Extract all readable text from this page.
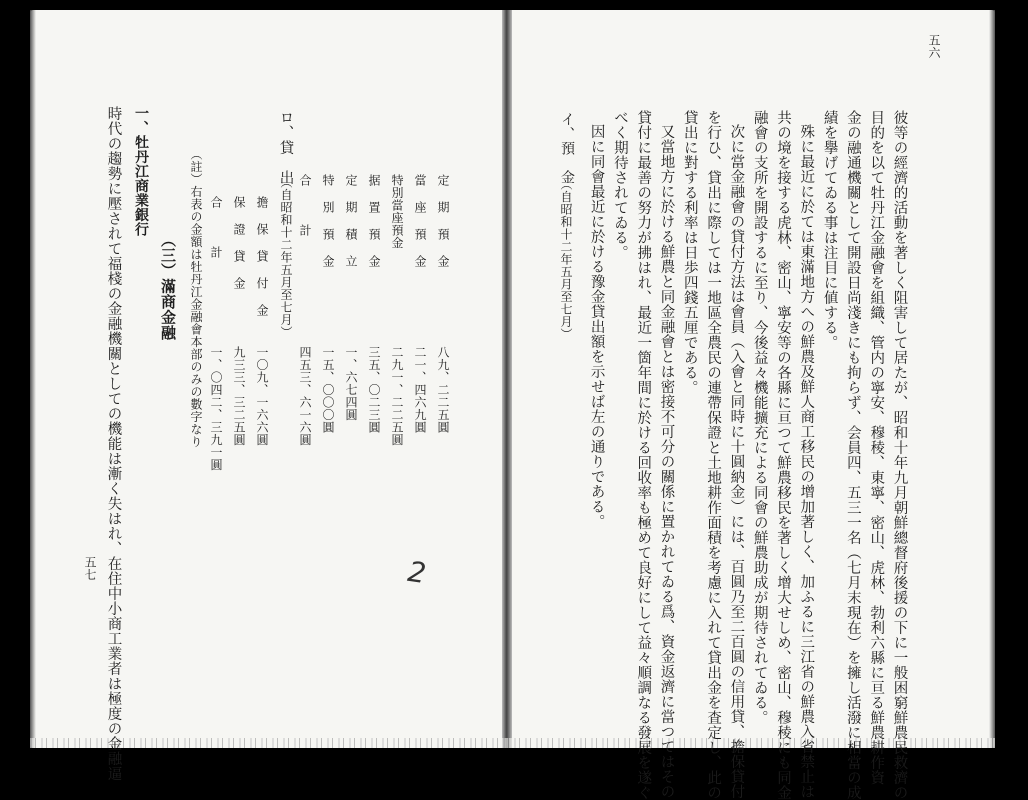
五六
彼等の經濟的活動を著しく阻害して居たが、昭和十年九月朝鮮總督府後援の下に一般困窮鮮農民救濟の
目的を以て牡丹江金融會を組織、管内の寧安、穆稜、東寧、密山、虎林、勃利六縣に亘る鮮農耕作資
金の融通機關として開設日尚淺きにも拘らず、会員四、五三一名（七月末現在）を擁し活潑に相當の成
績を擧げてゐる事は注目に値する。
殊に最近に於ては東滿地方への鮮農及鮮人商工移民の增加著しく、加ふるに三江省の鮮農入省禁止は
共の境を接する虎林、密山、寧安等の各縣に亘つて鮮農移民を著しく增大せしめ、密山、穆稜にも同金
融會の支所を開設するに至り、今後益々機能擴充による同會の鮮農助成が期待されてゐる。
次に當金融會の貸付方法は會員（入會と同時に十圓納金）には、百圓乃至二百圓の信用貸、擔保貸付
を行ひ、貸出に際しては一地區全農民の連帶保證と土地耕作面積を考慮に入れて貸出金を査定し、此の
貸出に對する利率は日歩四錢五厘である。
又當地方に於ける鮮農と同金融會とは密接不可分の關係に置かれてゐる爲、資金返濟に當つてはその
貸付に最善の努力が拂はれ、最近一箇年間に於ける回收率も極めて良好にして益々順調なる發展を遂ぐ
べく期待されてゐる。
因に同會最近に於ける豫金貸出額を示せば左の通りである。
イ、預　金
（自昭和十二年五月至七月）
定 期 預 金
八九、二二五圓
當 座 預 金
二一、四六九圓
特別當座預金
二九一、二二五圓
据 置 預 金
三五、〇二三圓
定 期 積 立
一、六七四圓
特 別 預 金
一五、〇〇〇圓
合　　　計
四五三、六一六圓
ロ、貸　出
（自昭和十二年五月至七月）
擔 保 貸 付 金
一〇九、一六六圓
保 證 貸 金
九三三、三二五圓
合　　　計
一、〇四二、三九一圓
（註）右表の金額は牡丹江金融會本部のみの數字なり
（三）滿商金融
一、牡丹江商業銀行
時代の趨勢に壓されて福棧の金融機關としての機能は漸く失はれ、在住中小商工業者は極度の金融逼
五七	2
